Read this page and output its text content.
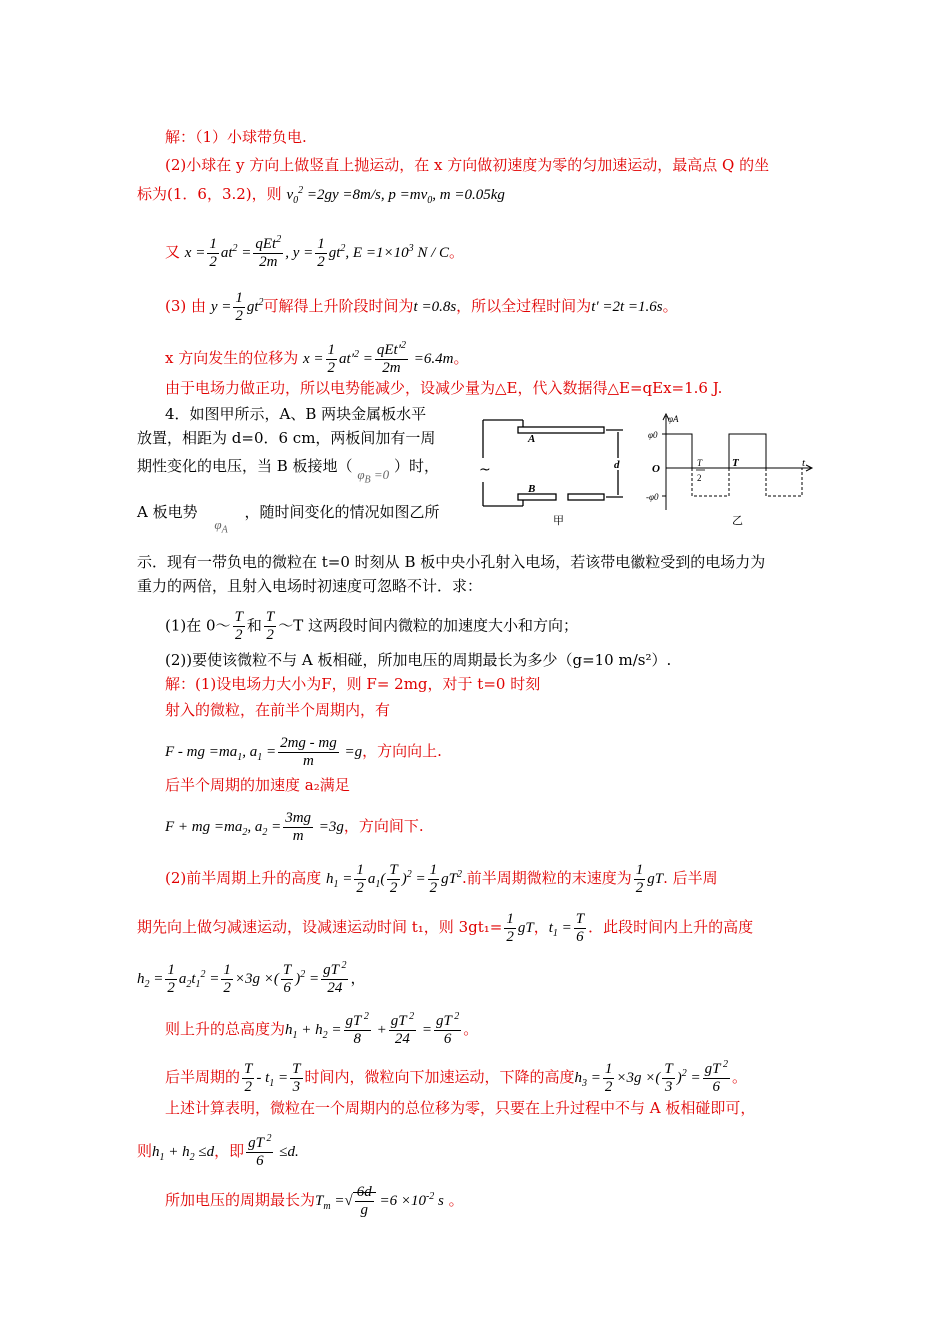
解：（1）小球带负电.
(2)小球在 y 方向上做竖直上抛运动，在 x 方向做初速度为零的匀加速运动，最高点 Q 的坐
标为(1．6，3.2)，则 $v_0^2 =2gy =8m/s$, $p =mv_0$, m =0.05kg
又 $x = \frac{1}{2} at^2 = \frac{qEt^2}{2m}$ , $y = \frac{1}{2} gt^2$, $E =1\times 10^3$ N / C。
(3) 由 $y = \frac{1}{2} gt^2$可解得上升阶段时间为t =0.8s，所以全过程时间为t′ =2t =1.6s。
x 方向发生的位移为 $x = \frac{1}{2} at'^2 = \frac{qEt'^2}{2m} =6.4m$。
由于电场力做正功，所以电势能减少，设减少量为△E，代入数据得△E=qEx=1.6 J.
4．如图甲所示，A、B 两块金属板水平
放置，相距为 d=0．6 cm，两板间加有一周
期性变化的电压，当 B 板接地（ $\varphi_B =0$ ）时，
A 板电势 $\varphi_A$ ，随时间变化的情况如图乙所
~
A
B
d
甲
φA
φ0
O
-φ0
T
2
T	t
乙
示．现有一带负电的微粒在 t=0 时刻从 B 板中央小孔射入电场，若该带电徽粒受到的电场力为
重力的两倍，且射入电场时初速度可忽略不计．求：
(1)在 0～ $\frac{T}{2}$ 和 $\frac{T}{2}$ ～T 这两段时间内微粒的加速度大小和方向；
(2))要使该微粒不与 A 板相碰，所加电压的周期最长为多少（g=10 m/s²）.
解：(1)设电场力大小为F，则 F= 2mg，对于 t=0 时刻
射入的微粒，在前半个周期内，有
F - mg $=ma_1$, $a_1 = \frac{2mg - mg}{m} =g$，方向向上.
后半个周期的加速度 a₂满足
F + mg $=ma_2$, $a_2 = \frac{3mg}{m} =3g$，方向间下.
(2)前半周期上升的高度 $h_1 = \frac{1}{2} a_1( \frac{T}{2} )^2 = \frac{1}{2} gT^2$.前半周期微粒的末速度为 $\frac{1}{2}$ gT. 后半周
期先向上做匀减速运动，设减速运动时间 t₁，则 $3gt_1= \frac{1}{2}$ gT，$t_1 = \frac{T}{6}$ ．此段时间内上升的高度
$h_2 = \frac{1}{2} a_2t_1^2 = \frac{1}{2} \times 3g$ ×( $\frac{T}{6} )^2 = \frac{gT ^2}{24}$ ，
则上升的总高度为$h_1 + h_2 = \frac{gT ^2}{8} + \frac{gT ^2}{24} = \frac{gT ^2}{6}$ 。
后半周期的 $\frac{T}{2} - t_1 = \frac{T}{3}$ 时间内，微粒向下加速运动，下降的高度$h_3 = \frac{1}{2} \times 3g$ ×( $\frac{T}{3} )^2 = \frac{gT ^2}{6}$ 。
上述计算表明，微粒在一个周期内的总位移为零，只要在上升过程中不与 A 板相碰即可，
则$h_1 + h_2 \le d$，即 $\frac{gT ^2}{6} \le d$.
所加电压的周期最长为$T_m$ =√ $\frac{6d}{g} =6 \times 10^{-2}$ s 。
